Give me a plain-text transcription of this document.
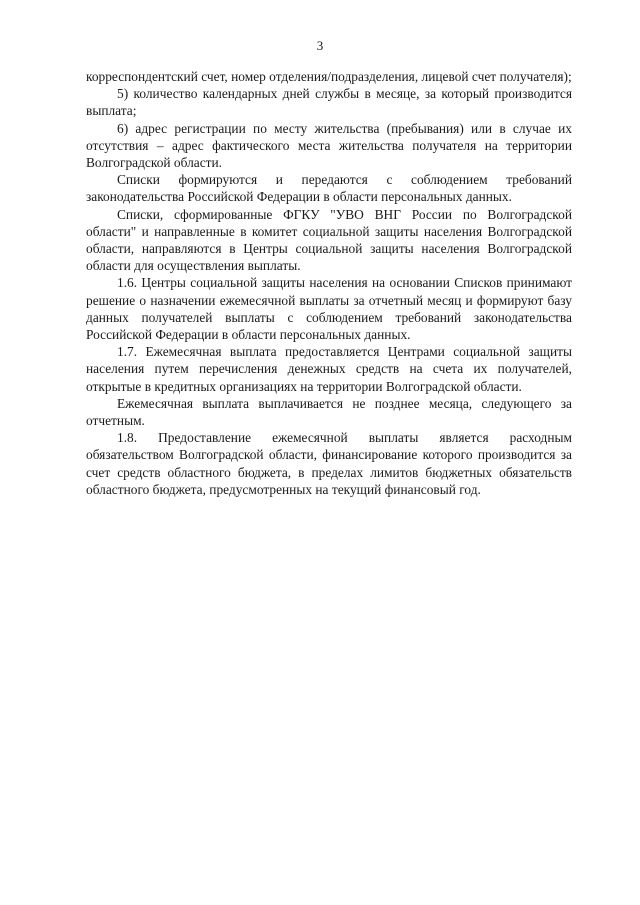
3

корреспондентский счет, номер отделения/подразделения, лицевой счет получателя);

5) количество календарных дней службы в месяце, за который производится выплата;

6) адрес регистрации по месту жительства (пребывания) или в случае их отсутствия – адрес фактического места жительства получателя на территории Волгоградской области.

Списки формируются и передаются с соблюдением требований законодательства Российской Федерации в области персональных данных.

Списки, сформированные ФГКУ "УВО ВНГ России по Волгоградской области" и направленные в комитет социальной защиты населения Волгоградской области, направляются в Центры социальной защиты населения Волгоградской области для осуществления выплаты.

1.6. Центры социальной защиты населения на основании Списков принимают решение о назначении ежемесячной выплаты за отчетный месяц и формируют базу данных получателей выплаты с соблюдением требований законодательства Российской Федерации в области персональных данных.

1.7. Ежемесячная выплата предоставляется Центрами социальной защиты населения путем перечисления денежных средств на счета их получателей, открытые в кредитных организациях на территории Волгоградской области.

Ежемесячная выплата выплачивается не позднее месяца, следующего за отчетным.

1.8. Предоставление ежемесячной выплаты является расходным обязательством Волгоградской области, финансирование которого производится за счет средств областного бюджета, в пределах лимитов бюджетных обязательств областного бюджета, предусмотренных на текущий финансовый год.
